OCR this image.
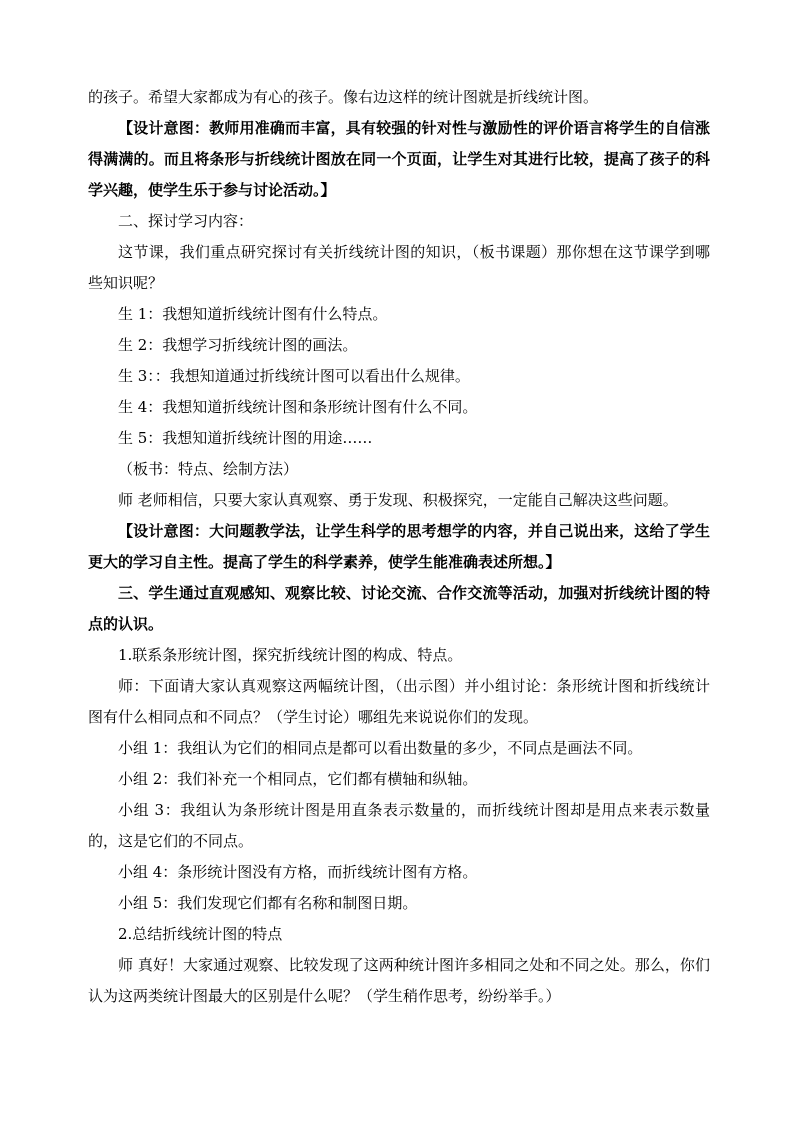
的孩子。希望大家都成为有心的孩子。像右边这样的统计图就是折线统计图。

【设计意图：教师用准确而丰富，具有较强的针对性与激励性的评价语言将学生的自信涨得满满的。而且将条形与折线统计图放在同一个页面，让学生对其进行比较，提高了孩子的科学兴趣，使学生乐于参与讨论活动。】

二、探讨学习内容：

这节课，我们重点研究探讨有关折线统计图的知识，（板书课题）那你想在这节课学到哪些知识呢？

生 1：我想知道折线统计图有什么特点。

生 2：我想学习折线统计图的画法。

生 3：：我想知道通过折线统计图可以看出什么规律。

生 4：我想知道折线统计图和条形统计图有什么不同。

生 5：我想知道折线统计图的用途……

（板书：特点、绘制方法）

师 老师相信，只要大家认真观察、勇于发现、积极探究，一定能自己解决这些问题。

【设计意图：大问题教学法，让学生科学的思考想学的内容，并自己说出来，这给了学生更大的学习自主性。提高了学生的科学素养，使学生能准确表述所想。】

三、学生通过直观感知、观察比较、讨论交流、合作交流等活动，加强对折线统计图的特点的认识。

1.联系条形统计图，探究折线统计图的构成、特点。

师：下面请大家认真观察这两幅统计图，（出示图）并小组讨论：条形统计图和折线统计图有什么相同点和不同点？（学生讨论）哪组先来说说你们的发现。

小组 1：我组认为它们的相同点是都可以看出数量的多少，不同点是画法不同。

小组 2：我们补充一个相同点，它们都有横轴和纵轴。

小组 3：我组认为条形统计图是用直条表示数量的，而折线统计图却是用点来表示数量的，这是它们的不同点。

小组 4：条形统计图没有方格，而折线统计图有方格。

小组 5：我们发现它们都有名称和制图日期。

2.总结折线统计图的特点

师 真好！大家通过观察、比较发现了这两种统计图许多相同之处和不同之处。那么，你们认为这两类统计图最大的区别是什么呢？（学生稍作思考，纷纷举手。）
